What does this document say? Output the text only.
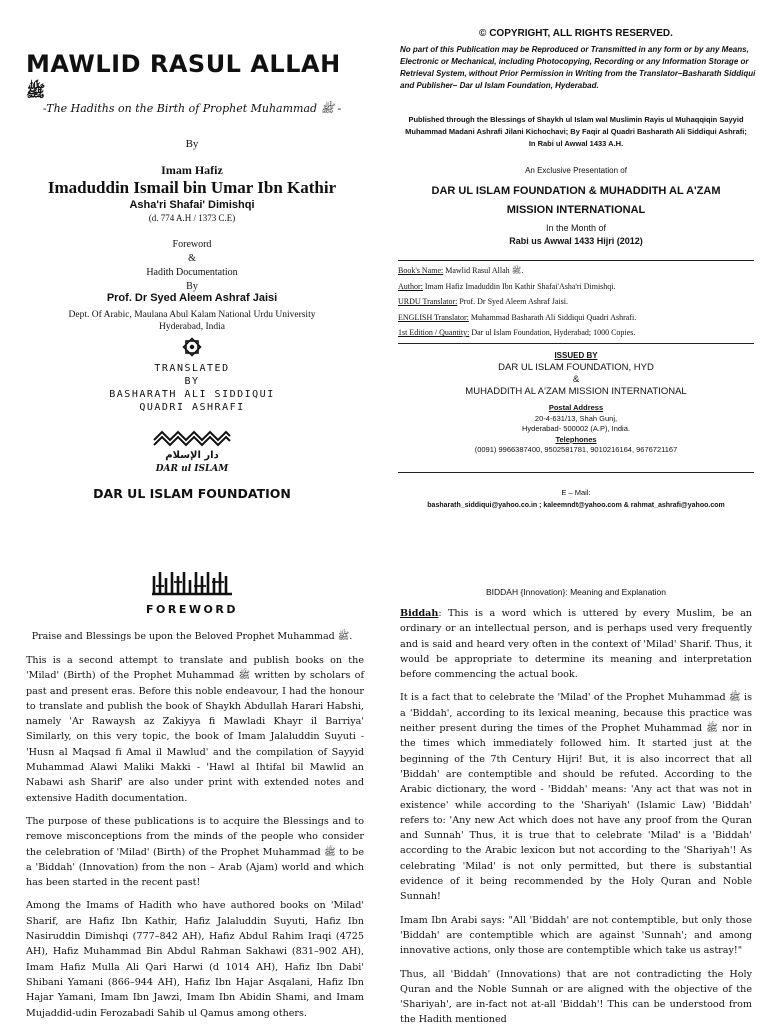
MAWLID RASUL ALLAH ﷺ
-The Hadiths on the Birth of Prophet Muhammad ﷺ -
By
Imam Hafiz
Imaduddin Ismail bin Umar Ibn Kathir
Asha'ri Shafai' Dimishqi
(d. 774 A.H / 1373 C.E)
Foreword
&
Hadith Documentation
By
Prof. Dr Syed Aleem Ashraf Jaisi
Dept. Of Arabic, Maulana Abul Kalam National Urdu University
Hyderabad, India
TRANSLATED
BY
BASHARATH ALI SIDDIQUI
QUADRI ASHRAFI
دار الإسلام
DAR ul ISLAM
DAR UL ISLAM FOUNDATION
© COPYRIGHT, ALL RIGHTS RESERVED.
No part of this Publication may be Reproduced or Transmitted in any form or by any Means, Electronic or Mechanical, including Photocopying, Recording or any Information Storage or Retrieval System, without Prior Permission in Writing from the Translator–Basharath Siddiqui and Publisher– Dar ul Islam Foundation, Hyderabad.
Published through the Blessings of Shaykh ul Islam wal Muslimin Rayis ul Muhaqqiqin Sayyid Muhammad Madani Ashrafi Jilani Kichochavi; By Faqir al Quadri Basharath Ali Siddiqui Ashrafi; In Rabi ul Awwal 1433 A.H.
An Exclusive Presentation of
DAR UL ISLAM FOUNDATION & MUHADDITH AL A'ZAM
MISSION INTERNATIONAL
In the Month of
Rabi us Awwal 1433 Hijri (2012)
Book's Name: Mawlid Rasul Allah ﷺ.
Author: Imam Hafiz Imaduddin Ibn Kathir Shafai'Asha'ri Dimishqi.
URDU Translator: Prof. Dr Syed Aleem Ashraf Jaisi.
ENGLISH Translator: Muhammad Basharath Ali Siddiqui Quadri Ashrafi.
1st Edition / Quantity: Dar ul Islam Foundation, Hyderabad; 1000 Copies.
ISSUED BY
DAR UL ISLAM FOUNDATION, HYD
&
MUHADDITH AL A'ZAM MISSION INTERNATIONAL
Postal Address
20-4-631/13, Shah Gunj,
Hyderabad- 500002 (A.P), India.
Telephones
(0091) 9966387400, 9502581781, 9010216164, 9676721167
E – Mail:
basharath_siddiqui@yahoo.co.in ; kaleemndt@yahoo.com & rahmat_ashrafi@yahoo.com
FOREWORD
Praise and Blessings be upon the Beloved Prophet Muhammad ﷺ.

This is a second attempt to translate and publish books on the 'Milad' (Birth) of the Prophet Muhammad ﷺ written by scholars of past and present eras. Before this noble endeavour, I had the honour to translate and publish the book of Shaykh Abdullah Harari Habshi, namely 'Ar Rawaysh az Zakiyya fi Mawladi Khayr il Barriya' Similarly, on this very topic, the book of Imam Jalaluddin Suyuti - 'Husn al Maqsad fi Amal il Mawlud' and the compilation of Sayyid Muhammad Alawi Maliki Makki - 'Hawl al Ihtifal bil Mawlid an Nabawi ash Sharif' are also under print with extended notes and extensive Hadith documentation.

The purpose of these publications is to acquire the Blessings and to remove misconceptions from the minds of the people who consider the celebration of 'Milad' (Birth) of the Prophet Muhammad ﷺ to be a 'Biddah' (Innovation) from the non – Arab (Ajam) world and which has been started in the recent past!

Among the Imams of Hadith who have authored books on 'Milad' Sharif, are Hafiz Ibn Kathir, Hafiz Jalaluddin Suyuti, Hafiz Ibn Nasiruddin Dimishqi (777–842 AH), Hafiz Abdul Rahim Iraqi (4725 AH), Hafiz Muhammad Bin Abdul Rahman Sakhawi (831–902 AH), Imam Hafiz Mulla Ali Qari Harwi (d 1014 AH), Hafiz Ibn Dabi' Shibani Yamani (866–944 AH), Hafiz Ibn Hajar Asqalani, Hafiz Ibn Hajar Yamani, Imam Ibn Jawzi, Imam Ibn Abidin Shami, and Imam Mujaddid-udin Ferozabadi Sahib ul Qamus among others.

BIDDAH {Innovation}: Meaning and Explanation

Biddah: This is a word which is uttered by every Muslim, be an ordinary or an intellectual person, and is perhaps used very frequently and is said and heard very often in the context of 'Milad' Sharif. Thus, it would be appropriate to determine its meaning and interpretation before commencing the actual book.

It is a fact that to celebrate the 'Milad' of the Prophet Muhammad ﷺ is a 'Biddah', according to its lexical meaning, because this practice was neither present during the times of the Prophet Muhammad ﷺ nor in the times which immediately followed him. It started just at the beginning of the 7th Century Hijri! But, it is also incorrect that all 'Biddah' are contemptible and should be refuted. According to the Arabic dictionary, the word - 'Biddah' means: 'Any act that was not in existence' while according to the 'Shariyah' (Islamic Law) 'Biddah' refers to: 'Any new Act which does not have any proof from the Quran and Sunnah' Thus, it is true that to celebrate 'Milad' is a 'Biddah' according to the Arabic lexicon but not according to the 'Shariyah'! As celebrating 'Milad' is not only permitted, but there is substantial evidence of it being recommended by the Holy Quran and Noble Sunnah!

Imam Ibn Arabi says: "All 'Biddah' are not contemptible, but only those 'Biddah' are contemptible which are against 'Sunnah'; and among innovative actions, only those are contemptible which take us astray!"

Thus, all 'Biddah' (Innovations) that are not contradicting the Holy Quran and the Noble Sunnah or are aligned with the objective of the 'Shariyah', are in-fact not at-all 'Biddah'! This can be understood from the Hadith mentioned
